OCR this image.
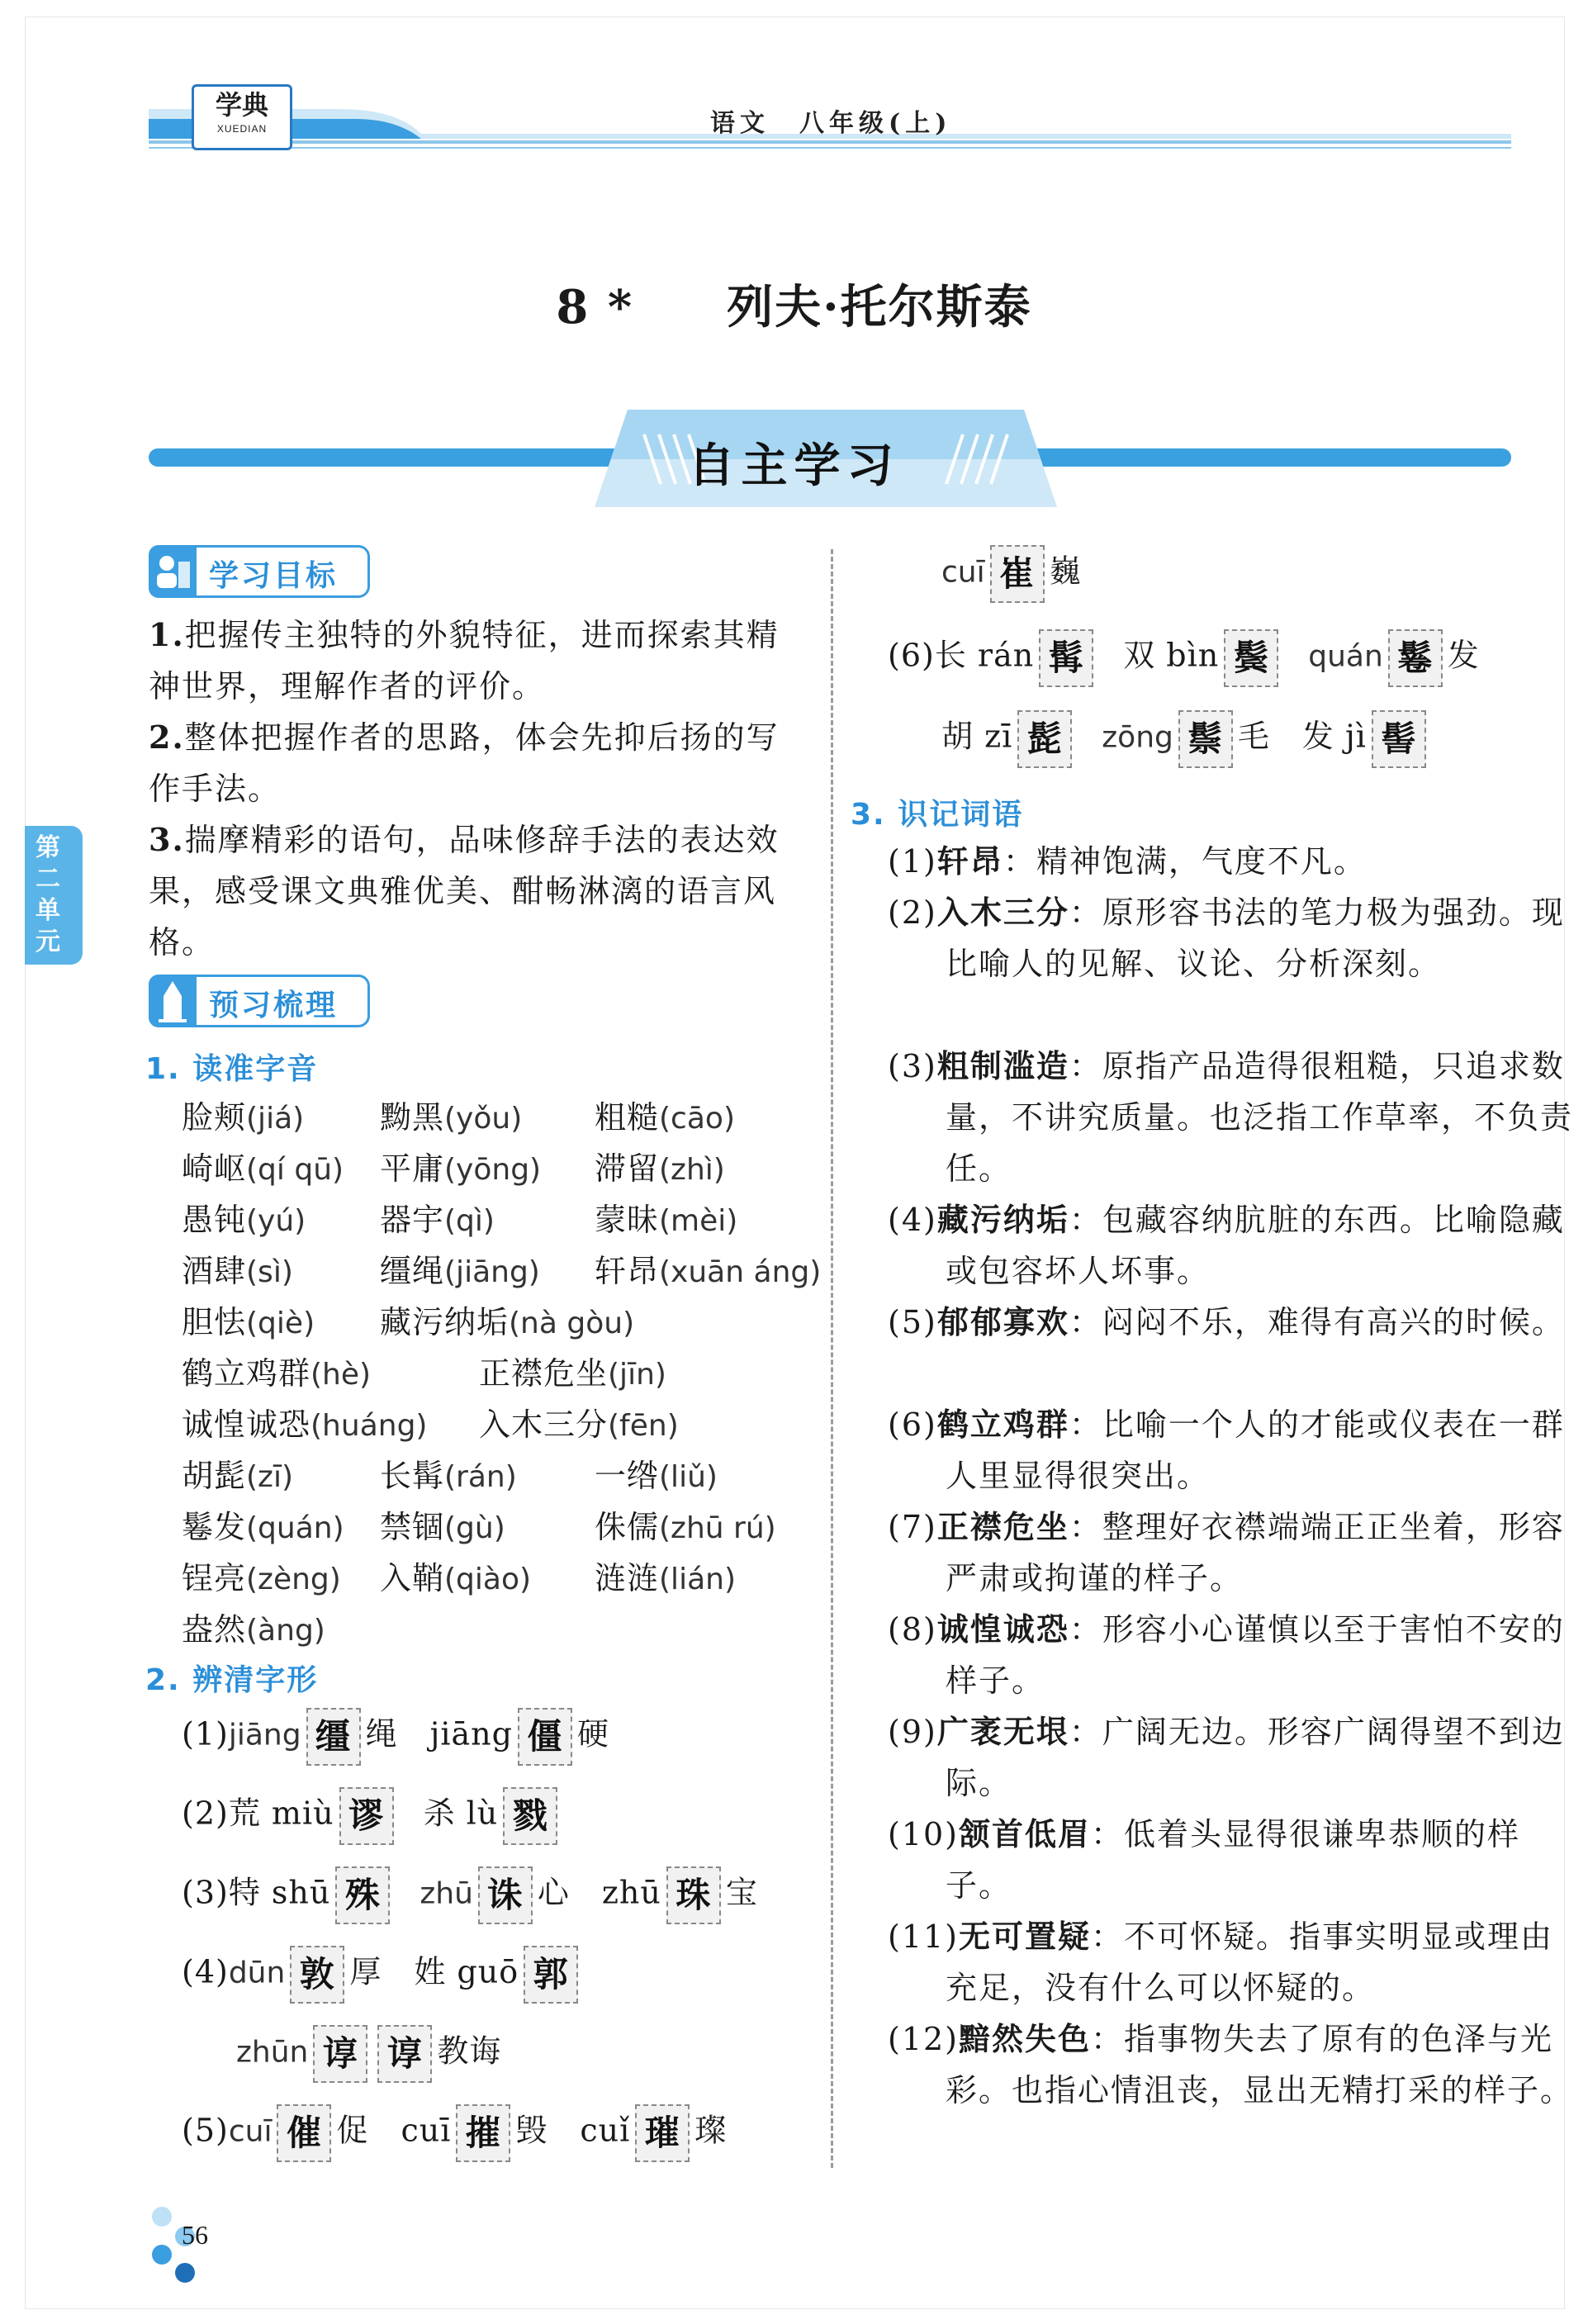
学典
XUEDIAN	语文　八年级(上)
8 * 列夫·托尔斯泰
自主学习
第
二
单
元
学习目标
1.把握传主独特的外貌特征，进而探索其精神世界，理解作者的评价。
2.整体把握作者的思路，体会先抑后扬的写作手法。
3.揣摩精彩的语句，品味修辞手法的表达效果，感受课文典雅优美、酣畅淋漓的语言风格。
预习梳理
1. 读准字音
脸颊(jiá) 黝黑(yǒu) 粗糙(cāo)
崎岖(qí qū) 平庸(yōng) 滞留(zhì)
愚钝(yú) 器宇(qì)	蒙昧(mèi)
酒肆(sì)	缰绳(jiāng) 轩昂(xuān áng)
胆怯(qiè) 藏污纳垢(nà gòu)
鹤立鸡群(hè)	正襟危坐(jīn)
诚惶诚恐(huáng) 入木三分(fēn)
胡髭(zī)	长髯(rán) 一绺(liǔ)
鬈发(quán) 禁锢(gù)	侏儒(zhū rú)
锃亮(zèng) 入鞘(qiào) 涟涟(lián)
盎然(àng)
2. 辨清字形
(1)jiāng 缰 绳　jiāng 僵 硬
(2)荒 miù 谬 杀 lù 戮
(3)特 shū 殊 zhū 诛 心　zhū 珠 宝
(4)dūn 敦 厚　姓 guō 郭
zhūn 谆 谆 教诲
(5)cuī 催 促　cuī 摧 毁　cuǐ 璀 璨
cuī 崔 巍
(6)长 rán 髯 双 bìn 鬓 quán 鬈 发
胡 zī 髭 zōng 鬃 毛　发 jì 髻
3. 识记词语
(1)轩昂：精神饱满，气度不凡。
(2)入木三分：原形容书法的笔力极为强劲。现比喻人的见解、议论、分析深刻。
(3)粗制滥造：原指产品造得很粗糙，只追求数量，不讲究质量。也泛指工作草率，不负责任。
(4)藏污纳垢：包藏容纳肮脏的东西。比喻隐藏或包容坏人坏事。
(5)郁郁寡欢：闷闷不乐，难得有高兴的时候。
(6)鹤立鸡群：比喻一个人的才能或仪表在一群人里显得很突出。
(7)正襟危坐：整理好衣襟端端正正坐着，形容严肃或拘谨的样子。
(8)诚惶诚恐：形容小心谨慎以至于害怕不安的样子。
(9)广袤无垠：广阔无边。形容广阔得望不到边际。
(10)颔首低眉：低着头显得很谦卑恭顺的样子。
(11)无可置疑：不可怀疑。指事实明显或理由充足，没有什么可以怀疑的。
(12)黯然失色：指事物失去了原有的色泽与光彩。也指心情沮丧，显出无精打采的样子。
56
